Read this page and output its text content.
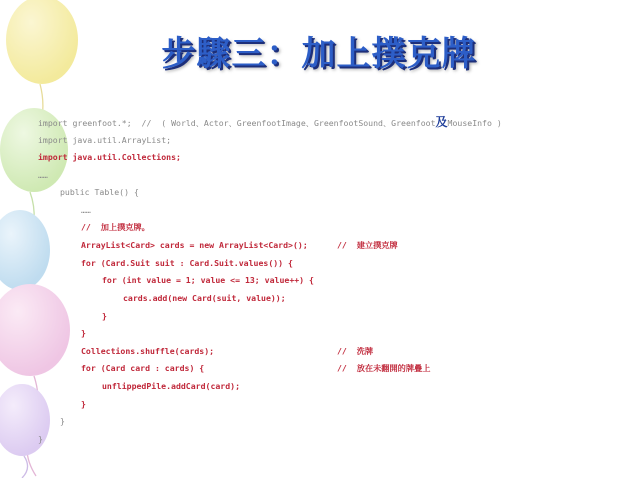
步驟三：加上撲克牌
import greenfoot.*;  //  ( World、Actor、GreenfootImage、GreenfootSound、Greenfoot及MouseInfo )
import java.util.ArrayList;
import java.util.Collections;
……
public Table() {
……
//  加上撲克牌。
ArrayList<Card> cards = new ArrayList<Card>();	//  建立撲克牌
for (Card.Suit suit : Card.Suit.values()) {
for (int value = 1; value <= 13; value++) {
cards.add(new Card(suit, value));
}
}
Collections.shuffle(cards);	//  洗牌
for (Card card : cards) {	//  放在未翻開的牌疊上
unflippedPile.addCard(card);
}
}
}
